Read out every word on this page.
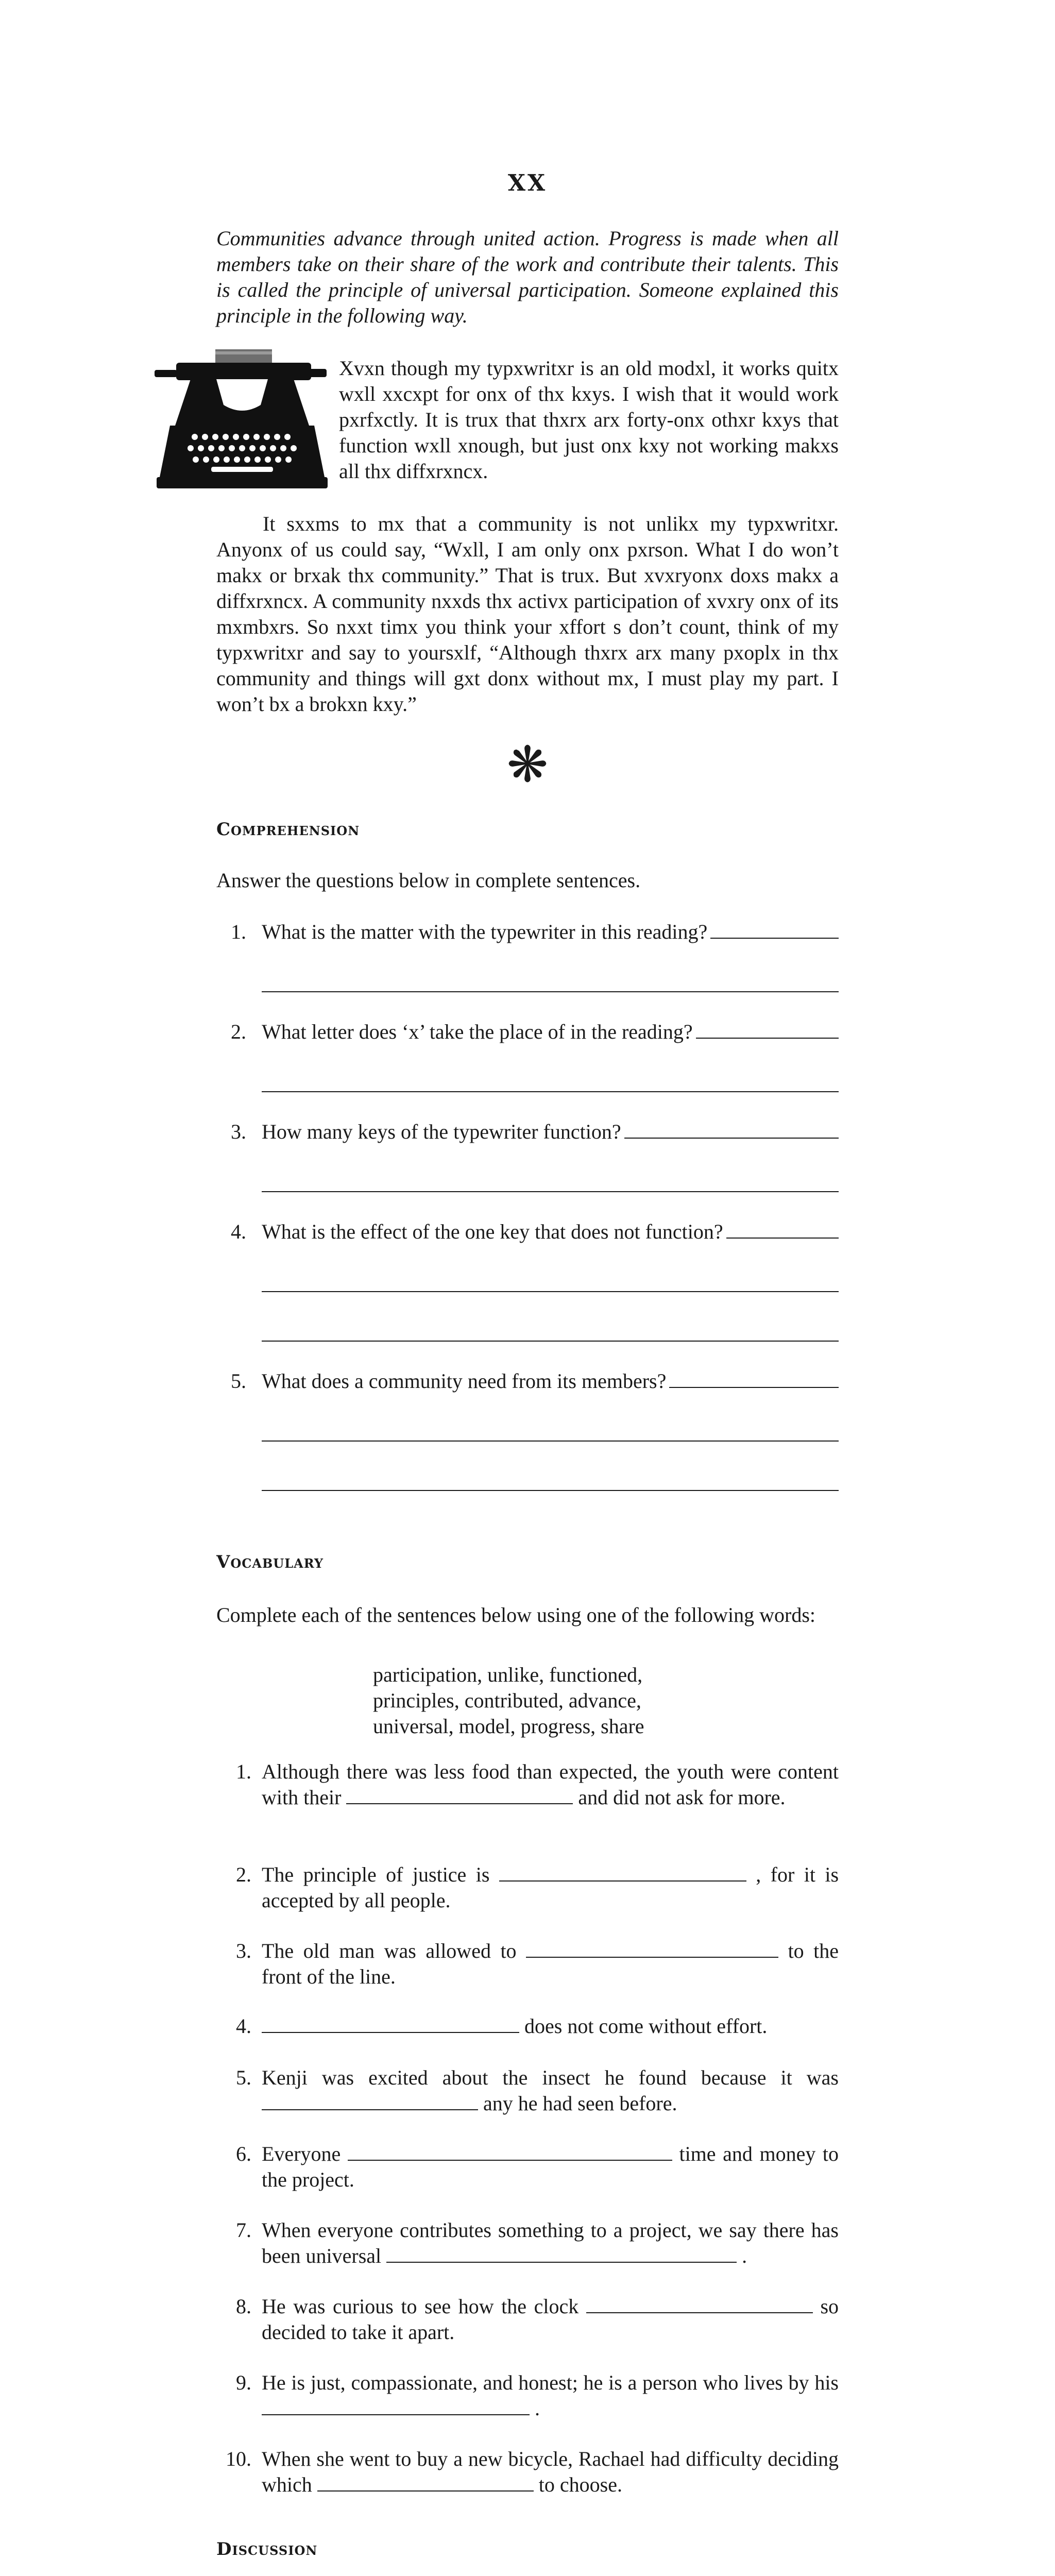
XX
Communities advance through united action. Progress is made when all members take on their share of the work and contribute their talents. This is called the principle of universal participation. Someone explained this principle in the following way.
Xvxn though my typxwritxr is an old modxl, it works quitx wxll xxcxpt for onx of thx kxys. I wish that it would work pxrfxctly. It is trux that thxrx arx forty-onx othxr kxys that function wxll xnough, but just onx kxy not working makxs all thx diffxrxncx.
It sxxms to mx that a community is not unlikx my typxwritxr. Anyonx of us could say, “Wxll, I am only onx pxrson. What I do won’t makx or brxak thx community.” That is trux. But xvxryonx doxs makx a diffxrxncx. A community nxxds thx activx participation of xvxry onx of its mxmbxrs. So nxxt timx you think your xffort s don’t count, think of my typxwritxr and say to yoursxlf, “Although thxrx arx many pxoplx in thx community and things will gxt donx without mx, I must play my part. I won’t bx a brokxn kxy.”
❋
Comprehension
Answer the questions below in complete sentences.
1. What is the matter with the typewriter in this reading?
2. What letter does ‘x’ take the place of in the reading?
3. How many keys of the typewriter function?
4. What is the effect of the one key that does not function?
5. What does a community need from its members?
Vocabulary
Complete each of the sentences below using one of the following words:
participation, unlike, functioned,
principles, contributed, advance,
universal, model, progress, share
1. Although there was less food than expected, the youth were content with their	and did not ask for more.
2. The principle of justice is	, for it is accepted by all people.
3. The old man was allowed to	to the front of the line.
4.	does not come without effort.
5. Kenji was excited about the insect he found because it was  any he had seen before.
6. Everyone	time and money to the project.
7. When everyone contributes something to a project, we say there has been universal	.
8. He was curious to see how the clock	so decided to take it apart.
9. He is just, compassionate, and honest; he is a person who lives by his  .
10. When she went to buy a new bicycle, Rachael had difficulty deciding which	to choose.
Discussion
